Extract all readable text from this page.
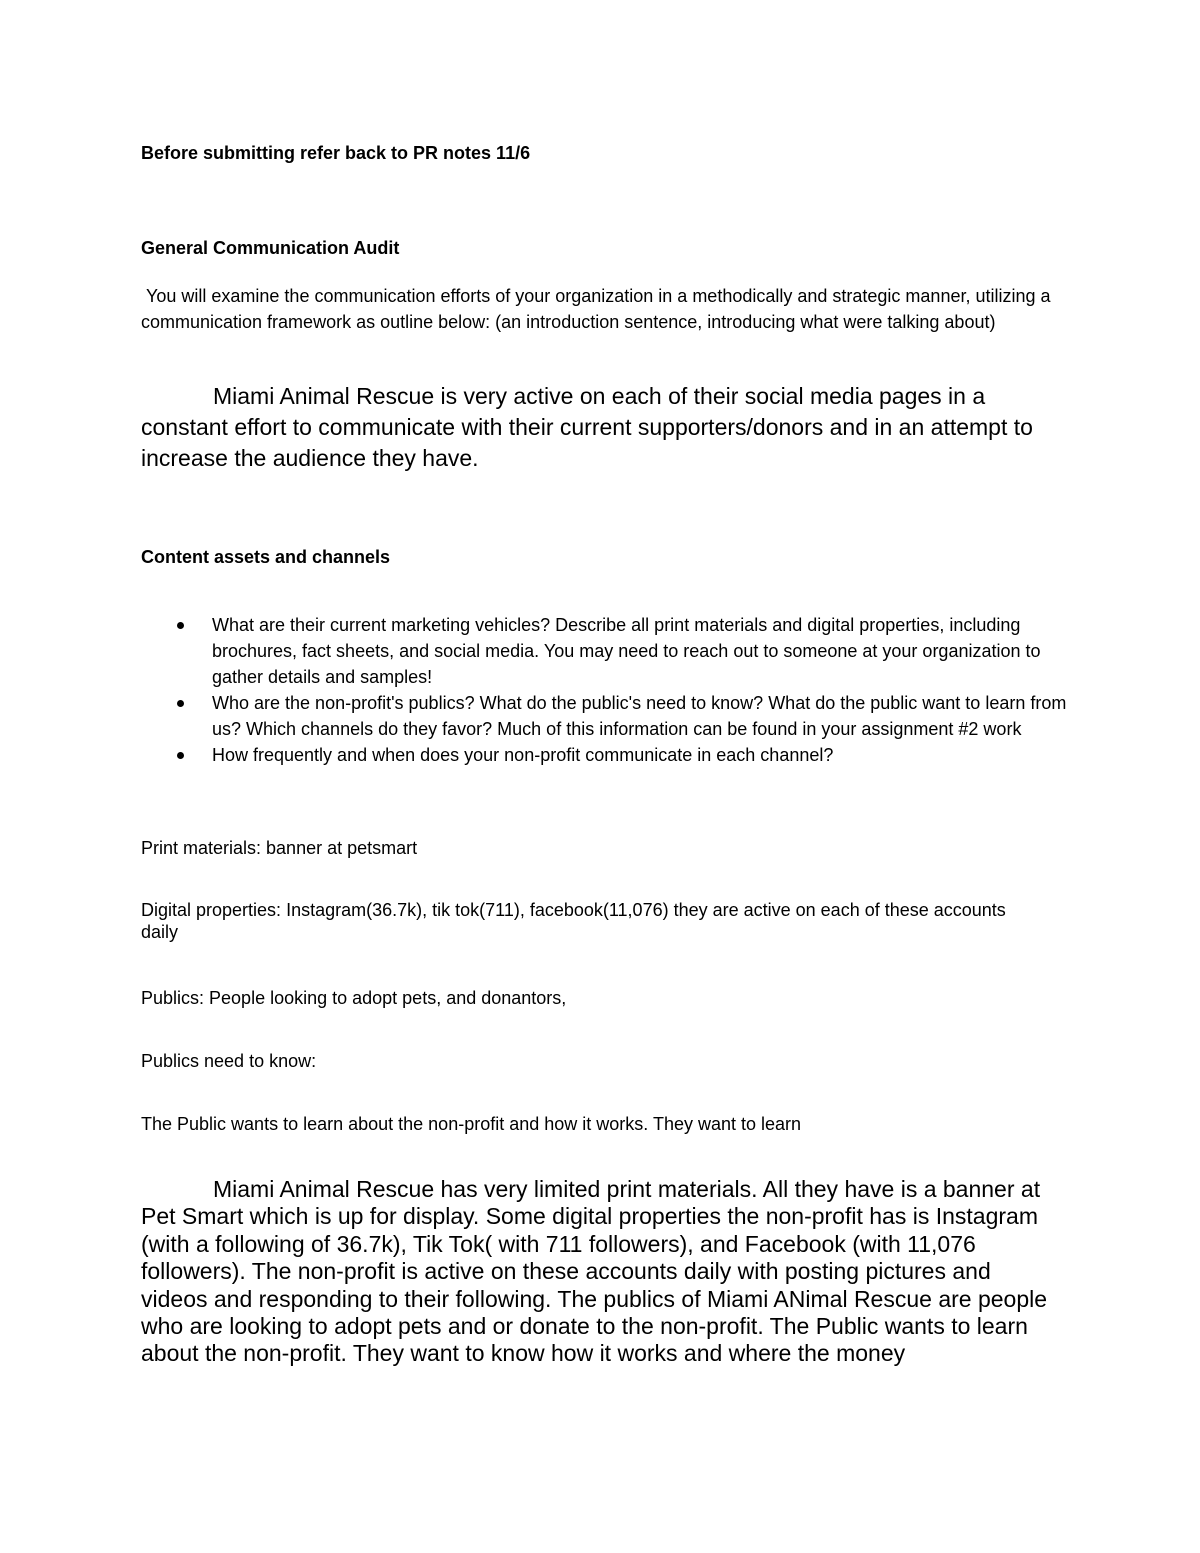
Before submitting refer back to PR notes 11/6

General Communication Audit

You will examine the communication efforts of your organization in a methodically and strategic manner, utilizing a communication framework as outline below: (an introduction sentence, introducing what were talking about)

Miami Animal Rescue is very active on each of their social media pages in a constant effort to communicate with their current supporters/donors and in an attempt to increase the audience they have.

Content assets and channels

What are their current marketing vehicles? Describe all print materials and digital properties, including brochures, fact sheets, and social media. You may need to reach out to someone at your organization to gather details and samples!
Who are the non-profit's publics? What do the public's need to know? What do the public want to learn from us? Which channels do they favor? Much of this information can be found in your assignment #2 work
How frequently and when does your non-profit communicate in each channel?

Print materials: banner at petsmart

Digital properties: Instagram(36.7k), tik tok(711), facebook(11,076) they are active on each of these accounts daily

Publics: People looking to adopt pets, and donantors,

Publics need to know:

The Public wants to learn about the non-profit and how it works. They want to learn

Miami Animal Rescue has very limited print materials. All they have is a banner at Pet Smart which is up for display. Some digital properties the non-profit has is Instagram (with a following of 36.7k), Tik Tok( with 711 followers), and Facebook (with 11,076 followers). The non-profit is active on these accounts daily with posting pictures and videos and responding to their following. The publics of Miami ANimal Rescue are people who are looking to adopt pets and or donate to the non-profit. The Public wants to learn about the non-profit. They want to know how it works and where the money
